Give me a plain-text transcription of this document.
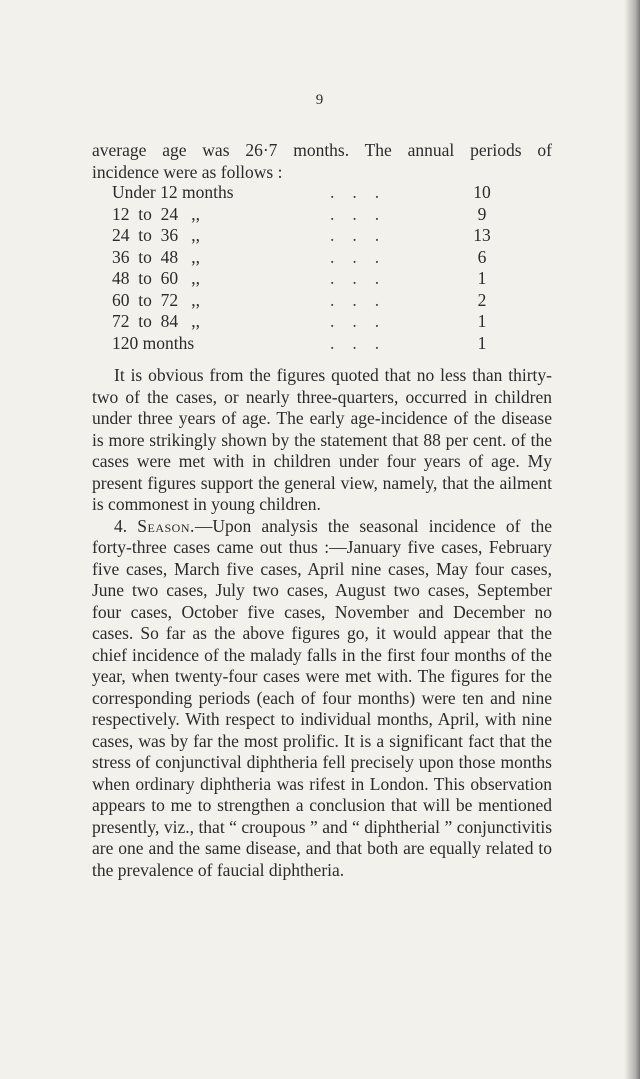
9

average age was 26·7 months. The annual periods of
incidence were as follows :

Under 12 months	...	10
12  to  24   ,,	...	9
24  to  36   ,,	...	13
36  to  48   ,,	...	6
48  to  60   ,,	...	1
60  to  72   ,,	...	2
72  to  84   ,,	...	1
120 months	...	1

It is obvious from the figures quoted that no less than thirty-two of the cases, or nearly three-quarters, occurred in children under three years of age. The early age-incidence of the disease is more strikingly shown by the statement that 88 per cent. of the cases were met with in children under four years of age. My present figures support the general view, namely, that the ailment is commonest in young children.

4. Season.—Upon analysis the seasonal incidence of the forty-three cases came out thus :—January five cases, February five cases, March five cases, April nine cases, May four cases, June two cases, July two cases, August two cases, September four cases, October five cases, November and December no cases. So far as the above figures go, it would appear that the chief incidence of the malady falls in the first four months of the year, when twenty-four cases were met with. The figures for the corresponding periods (each of four months) were ten and nine respectively. With respect to individual months, April, with nine cases, was by far the most prolific. It is a significant fact that the stress of conjunctival diphtheria fell precisely upon those months when ordinary diphtheria was rifest in London. This observation appears to me to strengthen a conclusion that will be mentioned presently, viz., that “ croupous ” and “ diphtherial ” conjunctivitis are one and the same disease, and that both are equally related to the prevalence of faucial diphtheria.
